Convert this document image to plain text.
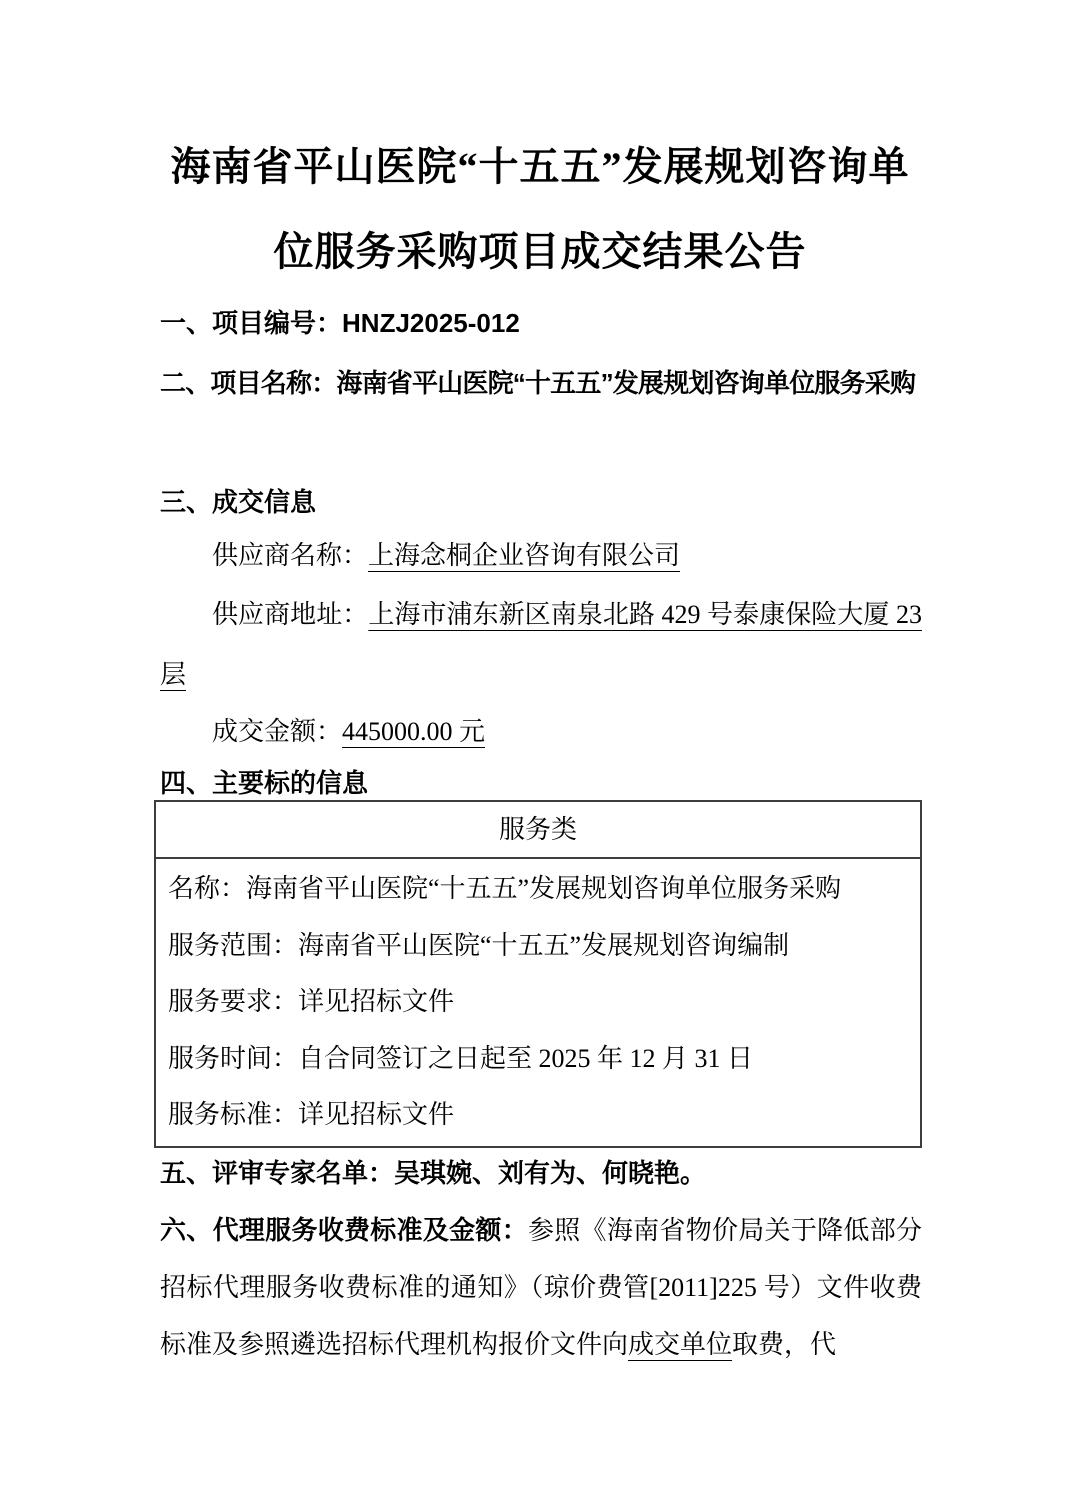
海南省平山医院“十五五”发展规划咨询单
位服务采购项目成交结果公告

一、项目编号：HNZJ2025-012

二、项目名称：海南省平山医院“十五五”发展规划咨询单位服务采购

三、成交信息

供应商名称：上海念桐企业咨询有限公司

供应商地址：上海市浦东新区南泉北路 429 号泰康保险大厦 23 层

成交金额：445000.00 元

四、主要标的信息

服务类
名称：海南省平山医院“十五五”发展规划咨询单位服务采购
服务范围：海南省平山医院“十五五”发展规划咨询编制
服务要求：详见招标文件
服务时间：自合同签订之日起至 2025 年 12 月 31 日
服务标准：详见招标文件

五、评审专家名单：吴琪婉、刘有为、何晓艳。

六、代理服务收费标准及金额：参照《海南省物价局关于降低部分招标代理服务收费标准的通知》（琼价费管[2011]225 号）文件收费标准及参照遴选招标代理机构报价文件向成交单位取费，代
